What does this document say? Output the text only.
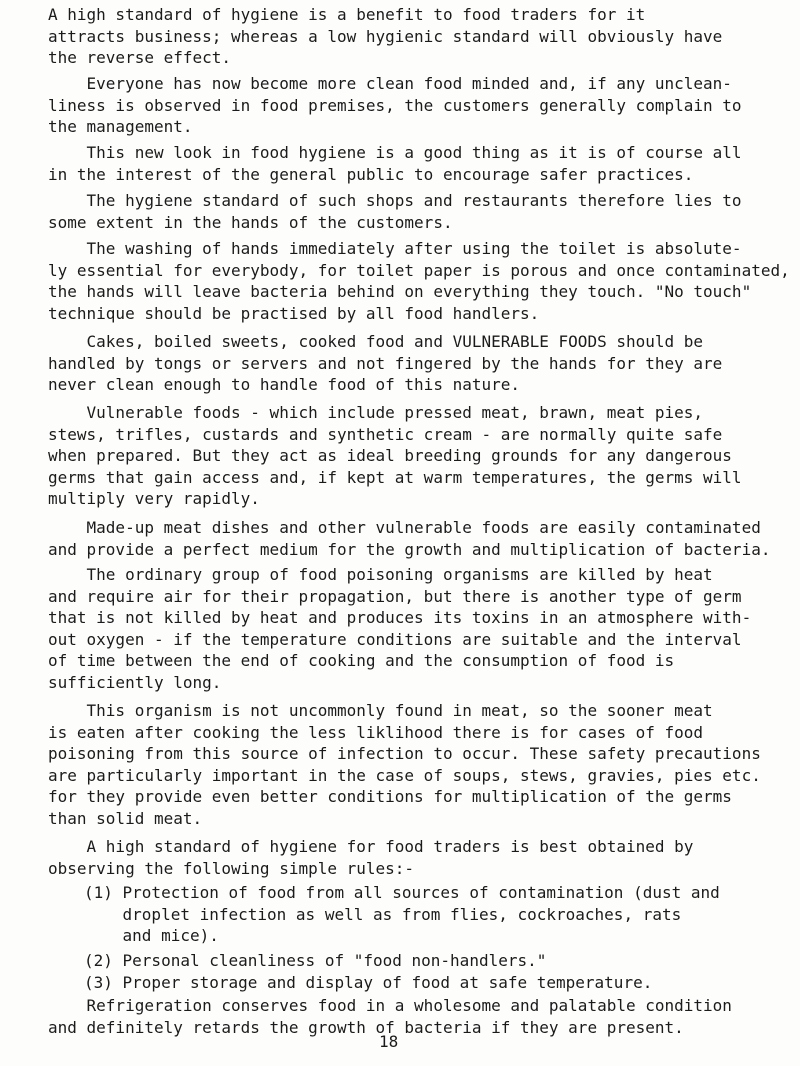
A high standard of hygiene is a benefit to food traders for it
attracts business; whereas a low hygienic standard will obviously have
the reverse effect.

Everyone has now become more clean food minded and, if any unclean-
liness is observed in food premises, the customers generally complain to
the management.

This new look in food hygiene is a good thing as it is of course all
in the interest of the general public to encourage safer practices.

The hygiene standard of such shops and restaurants therefore lies to
some extent in the hands of the customers.

The washing of hands immediately after using the toilet is absolute-
ly essential for everybody, for toilet paper is porous and once contaminated,
the hands will leave bacteria behind on everything they touch. "No touch"
technique should be practised by all food handlers.

Cakes, boiled sweets, cooked food and VULNERABLE FOODS should be
handled by tongs or servers and not fingered by the hands for they are
never clean enough to handle food of this nature.

Vulnerable foods - which include pressed meat, brawn, meat pies,
stews, trifles, custards and synthetic cream - are normally quite safe
when prepared. But they act as ideal breeding grounds for any dangerous
germs that gain access and, if kept at warm temperatures, the germs will
multiply very rapidly.

Made-up meat dishes and other vulnerable foods are easily contaminated
and provide a perfect medium for the growth and multiplication of bacteria.

The ordinary group of food poisoning organisms are killed by heat
and require air for their propagation, but there is another type of germ
that is not killed by heat and produces its toxins in an atmosphere with-
out oxygen - if the temperature conditions are suitable and the interval
of time between the end of cooking and the consumption of food is
sufficiently long.

This organism is not uncommonly found in meat, so the sooner meat
is eaten after cooking the less liklihood there is for cases of food
poisoning from this source of infection to occur. These safety precautions
are particularly important in the case of soups, stews, gravies, pies etc.
for they provide even better conditions for multiplication of the germs
than solid meat.

A high standard of hygiene for food traders is best obtained by
observing the following simple rules:-

(1) Protection of food from all sources of contamination (dust and
droplet infection as well as from flies, cockroaches, rats
and mice).

(2) Personal cleanliness of "food non-handlers."

(3) Proper storage and display of food at safe temperature.

Refrigeration conserves food in a wholesome and palatable condition
and definitely retards the growth of bacteria if they are present.

18
